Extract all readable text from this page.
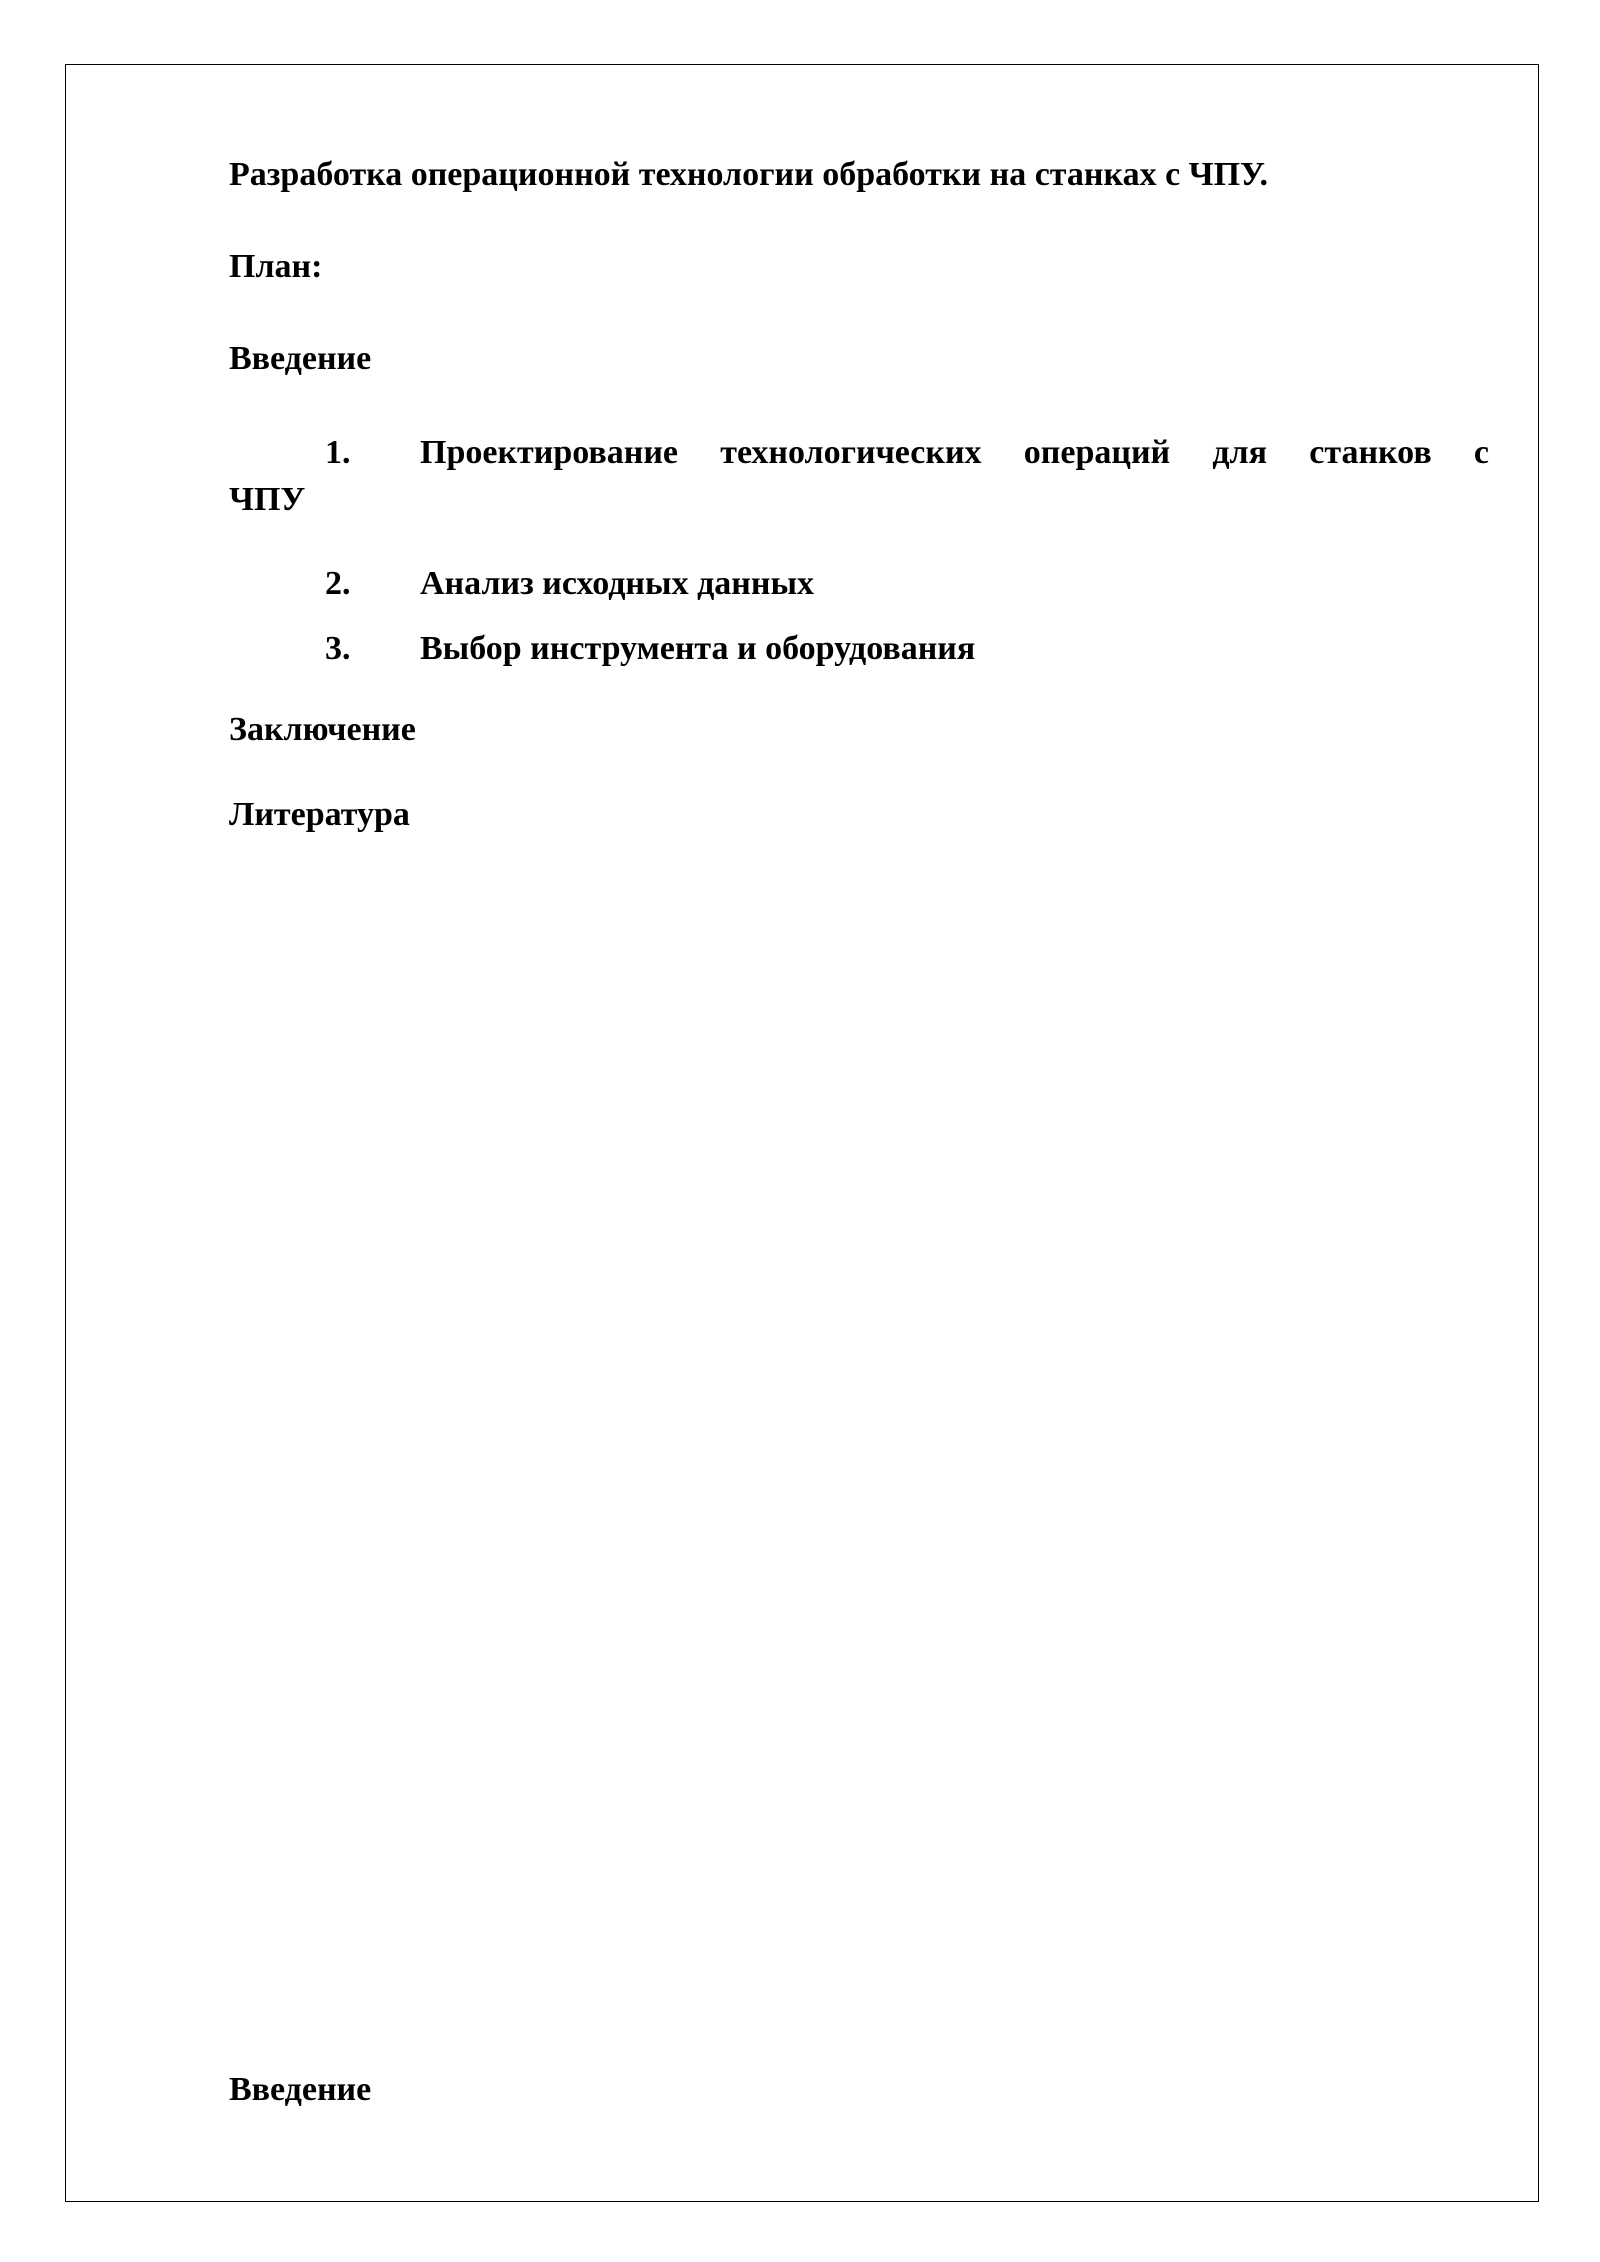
Разработка операционной технологии обработки на станках с ЧПУ.
План:
Введение
1. Проектирование технологических операций для станков с
ЧПУ
2. Анализ исходных данных
3. Выбор инструмента и оборудования
Заключение
Литература
Введение
